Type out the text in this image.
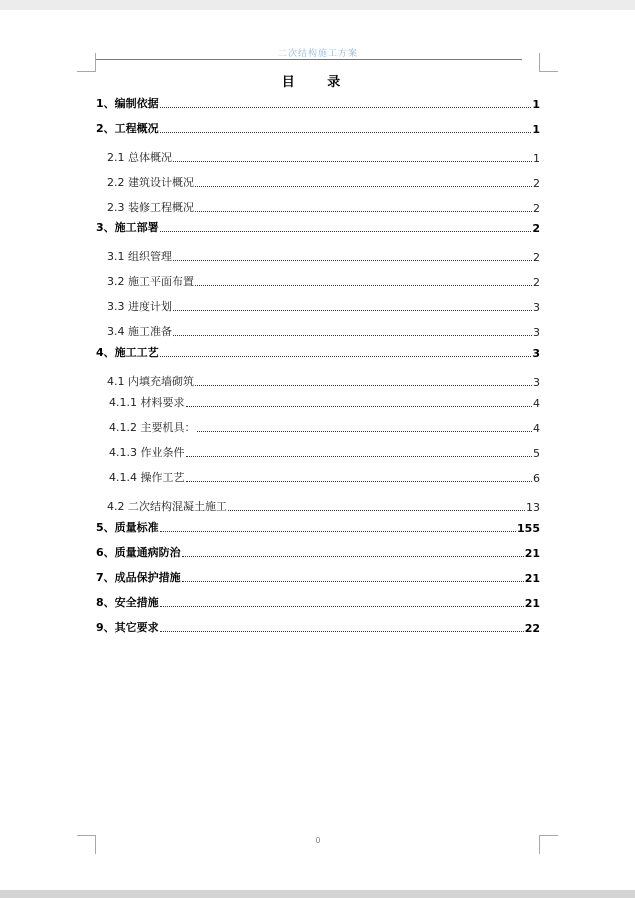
二次结构施工方案
目 录
1、编制依据	1
2、工程概况	1
2.1 总体概况	1
2.2 建筑设计概况	2
2.3 装修工程概况	2
3、施工部署	2
3.1 组织管理	2
3.2 施工平面布置	2
3.3 进度计划	3
3.4 施工准备	3
4、施工工艺	3
4.1 内填充墙砌筑	3
4.1.1 材料要求	4
4.1.2 主要机具：	4
4.1.3 作业条件	5
4.1.4 操作工艺	6
4.2 二次结构混凝土施工	13
5、质量标准	155
6、质量通病防治	21
7、成品保护措施	21
8、安全措施	21
9、其它要求	22
0
